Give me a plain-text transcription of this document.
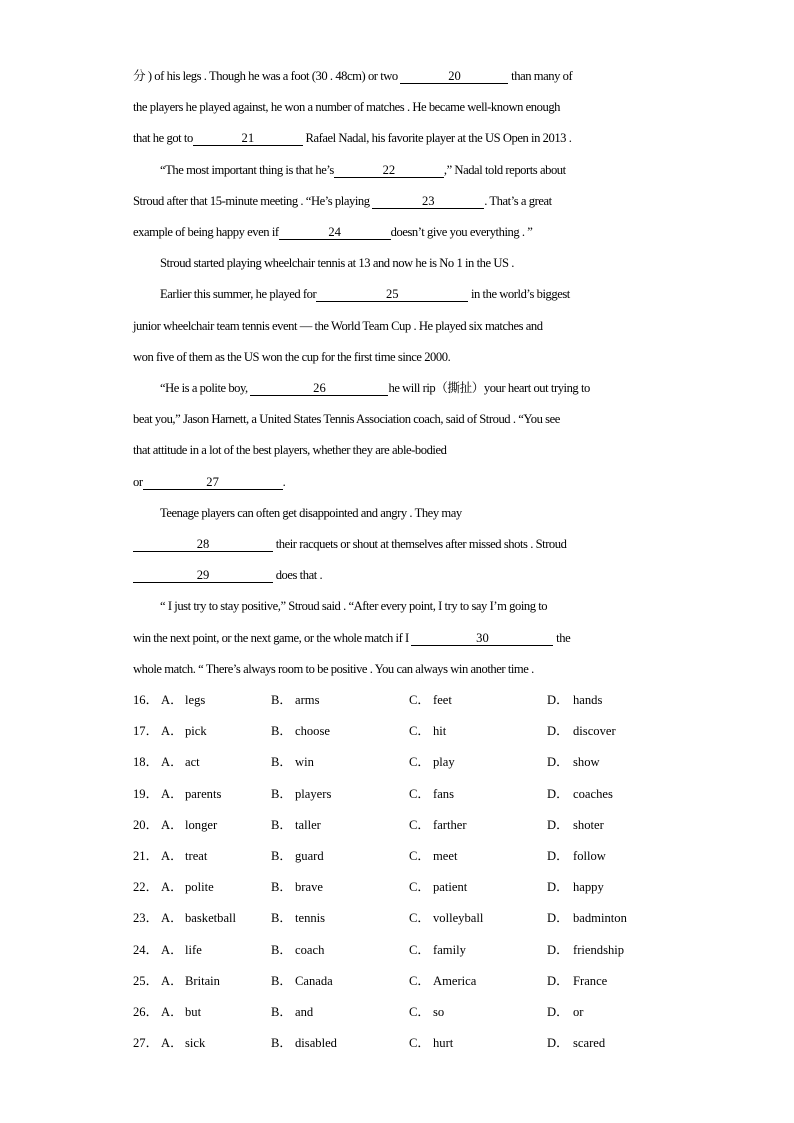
分 ) of his legs . Though he was a foot (30 . 48cm) or two	20	than many of
the players he played against, he won a number of matches . He became well-known enough
that he got to	21	Rafael Nadal, his favorite player at the US Open in 2013 .
“The most important thing is that he’s	22	,” Nadal told reports about
Stroud after that 15-minute meeting . “He’s playing	23	. That’s a great
example of being happy even if	24	doesn’t give you everything . ”
Stroud started playing wheelchair tennis at 13 and now he is No 1 in the US .
Earlier this summer, he played for	25	in the world’s biggest
junior wheelchair team tennis event — the World Team Cup . He played six matches and
won five of them as the US won the cup for the first time since 2000.
“He is a polite boy,	26	he will rip（撕扯）your heart out trying to
beat you,” Jason Harnett, a United States Tennis Association coach, said of Stroud . “You see
that attitude in a lot of the best players, whether they are able-bodied
or	27	.
Teenage players can often get disappointed and angry . They may
28	their racquets or shout at themselves after missed shots . Stroud
29	does that .
“ I just try to stay positive,” Stroud said . “After every point, I try to say I’m going to
win the next point, or the next game, or the whole match if I	30	the
whole match. “ There’s always room to be positive . You can always win another time .
16． A． legs	B． arms	C． feet	D． hands
17． A． pick	B． choose	C． hit	D． discover
18． A． act	B． win	C． play	D． show
19． A． parents	B． players	C． fans	D． coaches
20． A． longer	B． taller	C． farther	D． shoter
21． A． treat	B． guard	C． meet	D． follow
22． A． polite	B． brave	C． patient	D． happy
23． A． basketball	B． tennis	C． volleyball	D． badminton
24． A． life	B． coach	C． family	D． friendship
25． A． Britain	B． Canada	C． America	D． France
26． A． but	B． and	C． so	D． or
27． A． sick	B． disabled	C． hurt	D． scared
